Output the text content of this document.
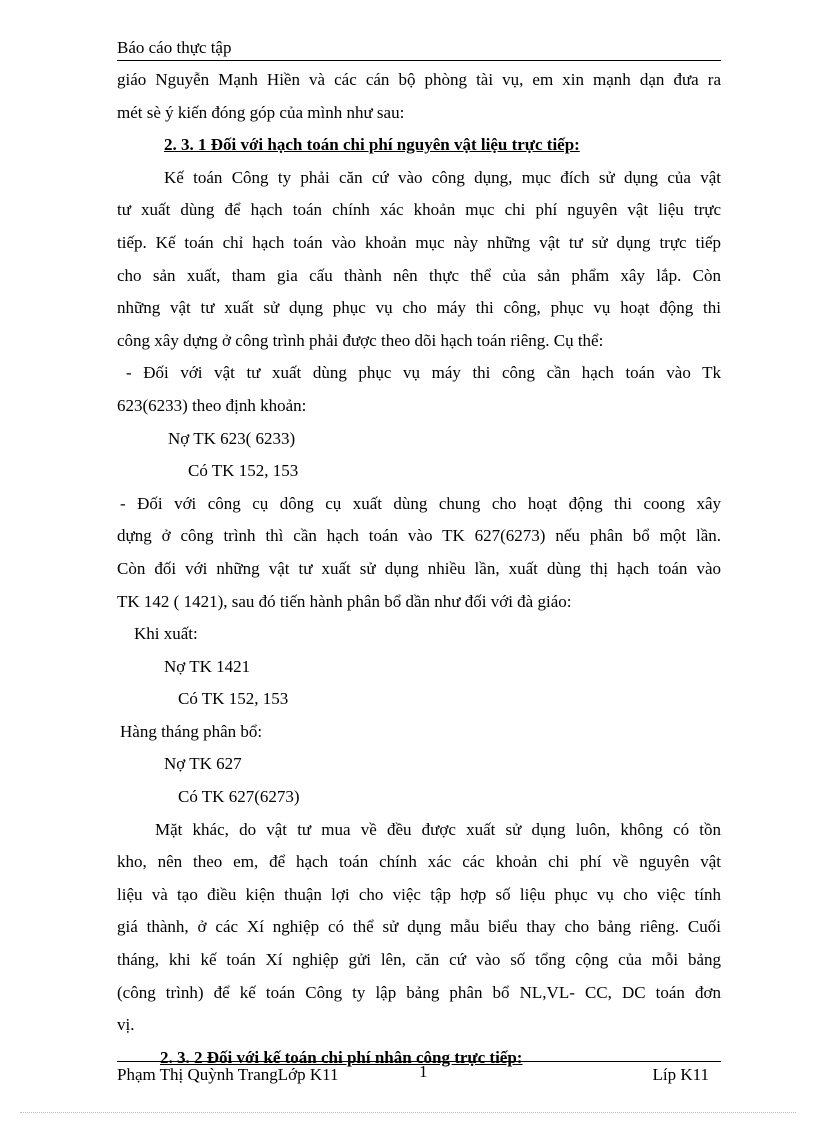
Báo cáo thực tập
giáo Nguyễn Mạnh Hiền và các cán bộ phòng tài vụ, em xin mạnh dạn đưa ra
mét sè ý kiến đóng góp của mình như sau:
2. 3. 1 Đối với hạch toán chi phí nguyên vật liệu trực tiếp:
Kế toán Công ty phải căn cứ vào công dụng, mục đích sử dụng của vật
tư xuất dùng để hạch toán chính xác khoản mục chi phí nguyên vật liệu trực
tiếp. Kế toán chỉ hạch toán vào khoản mục này những vật tư sử dụng trực tiếp
cho sản xuất, tham gia cấu thành nên thực thể của sản phẩm xây lắp. Còn
những vật tư xuất sử dụng phục vụ cho máy thi công, phục vụ hoạt động thi
công xây dựng ở công trình phải được theo dõi hạch toán riêng. Cụ thể:
- Đối với vật tư xuất dùng phục vụ máy thi công cần hạch toán vào Tk
623(6233) theo định khoản:
Nợ TK 623( 6233)
Có TK 152, 153
- Đối với công cụ dông cụ xuất dùng chung cho hoạt động thi coong xây
dựng ở công trình thì cần hạch toán vào TK 627(6273) nếu phân bổ một lần.
Còn đối với những vật tư xuất sử dụng nhiều lần, xuất dùng thị hạch toán vào
TK 142 ( 1421), sau đó tiến hành phân bổ dần như đối với đà giáo:
Khi xuất:
Nợ TK 1421
Có TK 152, 153
Hàng tháng phân bổ:
Nợ TK 627
Có TK 627(6273)
Mặt khác, do vật tư mua về đều được xuất sử dụng luôn, không có tồn
kho, nên theo em, để hạch toán chính xác các khoản chi phí về nguyên vật
liệu và tạo điều kiện thuận lợi cho việc tập hợp số liệu phục vụ cho việc tính
giá thành, ở các Xí nghiệp có thể sử dụng mẫu biểu thay cho bảng riêng. Cuối
tháng, khi kế toán Xí nghiệp gửi lên, căn cứ vào số tổng cộng của mỗi bảng
(công trình) để kế toán Công ty lập bảng phân bổ NL,VL- CC, DC toán đơn
vị.
2. 3. 2 Đối với kế toán chi phí nhân công trực tiếp:
Phạm Thị Quỳnh TrangLớp K11	1	Líp K11
